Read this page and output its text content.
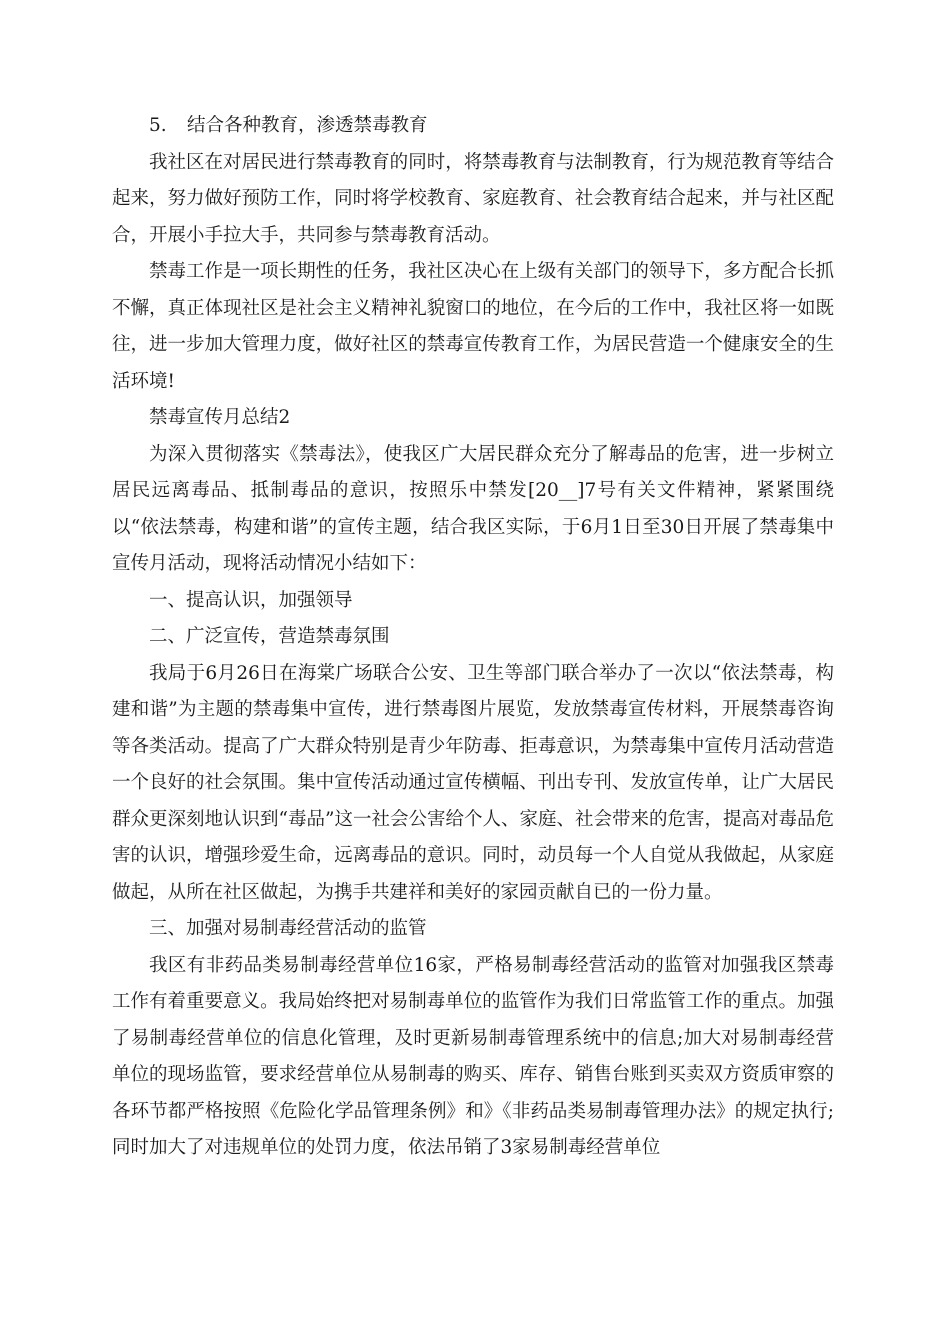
5. 结合各种教育，渗透禁毒教育

我社区在对居民进行禁毒教育的同时，将禁毒教育与法制教育，行为规范教育等结合起来，努力做好预防工作，同时将学校教育、家庭教育、社会教育结合起来，并与社区配合，开展小手拉大手，共同参与禁毒教育活动。

禁毒工作是一项长期性的任务，我社区决心在上级有关部门的领导下，多方配合长抓不懈，真正体现社区是社会主义精神礼貌窗口的地位，在今后的工作中，我社区将一如既往，进一步加大管理力度，做好社区的禁毒宣传教育工作，为居民营造一个健康安全的生活环境!

禁毒宣传月总结2

为深入贯彻落实《禁毒法》，使我区广大居民群众充分了解毒品的危害，进一步树立居民远离毒品、抵制毒品的意识，按照乐中禁发[20__]7号有关文件精神，紧紧围绕以“依法禁毒，构建和谐”的宣传主题，结合我区实际，于6月1日至30日开展了禁毒集中宣传月活动，现将活动情况小结如下：

一、提高认识，加强领导

二、广泛宣传，营造禁毒氛围

我局于6月26日在海棠广场联合公安、卫生等部门联合举办了一次以“依法禁毒，构建和谐”为主题的禁毒集中宣传，进行禁毒图片展览，发放禁毒宣传材料，开展禁毒咨询等各类活动。提高了广大群众特别是青少年防毒、拒毒意识，为禁毒集中宣传月活动营造一个良好的社会氛围。集中宣传活动通过宣传横幅、刊出专刊、发放宣传单，让广大居民群众更深刻地认识到“毒品”这一社会公害给个人、家庭、社会带来的危害，提高对毒品危害的认识，增强珍爱生命，远离毒品的意识。同时，动员每一个人自觉从我做起，从家庭做起，从所在社区做起，为携手共建祥和美好的家园贡献自已的一份力量。

三、加强对易制毒经营活动的监管

我区有非药品类易制毒经营单位16家，严格易制毒经营活动的监管对加强我区禁毒工作有着重要意义。我局始终把对易制毒单位的监管作为我们日常监管工作的重点。加强了易制毒经营单位的信息化管理，及时更新易制毒管理系统中的信息;加大对易制毒经营单位的现场监管，要求经营单位从易制毒的购买、库存、销售台账到买卖双方资质审察的各环节都严格按照《危险化学品管理条例》和》《非药品类易制毒管理办法》的规定执行;同时加大了对违规单位的处罚力度，依法吊销了3家易制毒经营单位
